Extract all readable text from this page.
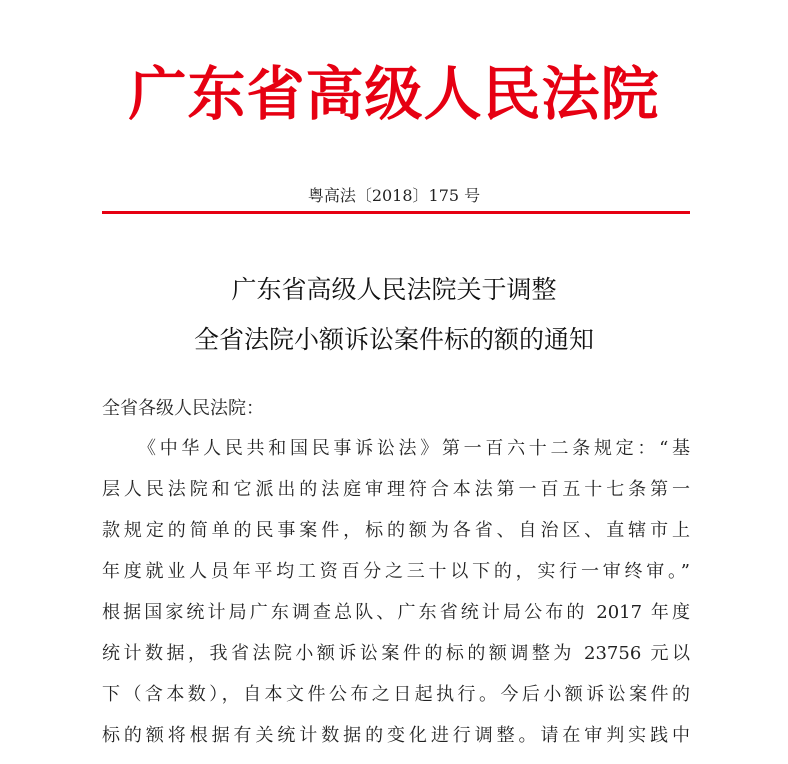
广东省高级人民法院
粤高法〔2018〕175 号
广东省高级人民法院关于调整
全省法院小额诉讼案件标的额的通知
全省各级人民法院：
《中华人民共和国民事诉讼法》第一百六十二条规定：“基
层人民法院和它派出的法庭审理符合本法第一百五十七条第一
款规定的简单的民事案件，标的额为各省、自治区、直辖市上
年度就业人员年平均工资百分之三十以下的，实行一审终审。”
根据国家统计局广东调查总队、广东省统计局公布的 2017 年度
统计数据，我省法院小额诉讼案件的标的额调整为 23756 元以
下（含本数），自本文件公布之日起执行。今后小额诉讼案件的
标的额将根据有关统计数据的变化进行调整。请在审判实践中
